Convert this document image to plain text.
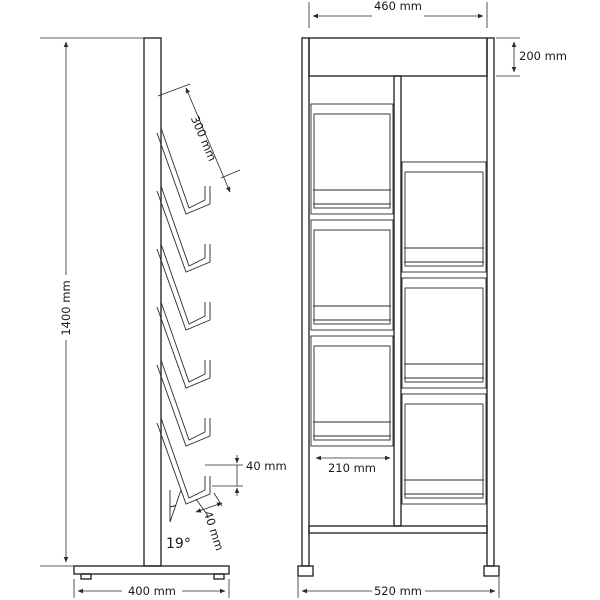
19°
1400 mm
300 mm
40 mm
40 mm
400 mm
460 mm
200 mm
210 mm
520 mm
